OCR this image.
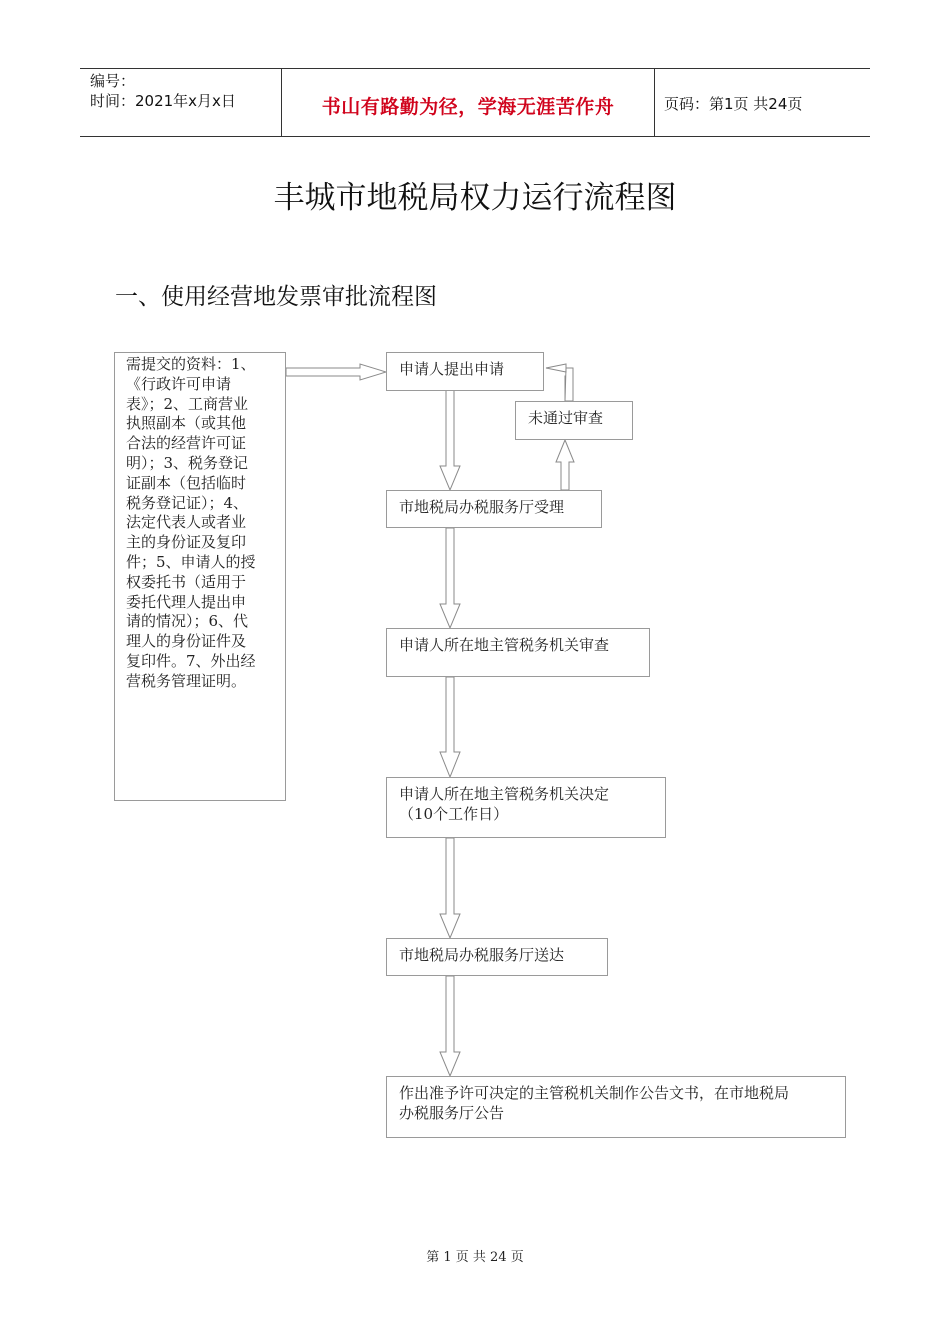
编号：
时间：2021年x月x日	书山有路勤为径，学海无涯苦作舟	页码：第1页 共24页
丰城市地税局权力运行流程图
一、使用经营地发票审批流程图
需提交的资料：1、
《行政许可申请
表》；2、工商营业
执照副本（或其他
合法的经营许可证
明）；3、税务登记
证副本（包括临时
税务登记证）；4、
法定代表人或者业
主的身份证及复印
件；5、申请人的授
权委托书（适用于
委托代理人提出申
请的情况）；6、代
理人的身份证件及
复印件。7、外出经
营税务管理证明。
申请人提出申请
未通过审查
市地税局办税服务厅受理
申请人所在地主管税务机关审查
申请人所在地主管税务机关决定
（10个工作日）
市地税局办税服务厅送达
作出准予许可决定的主管税机关制作公告文书，在市地税局
办税服务厅公告
第 1 页 共 24 页
